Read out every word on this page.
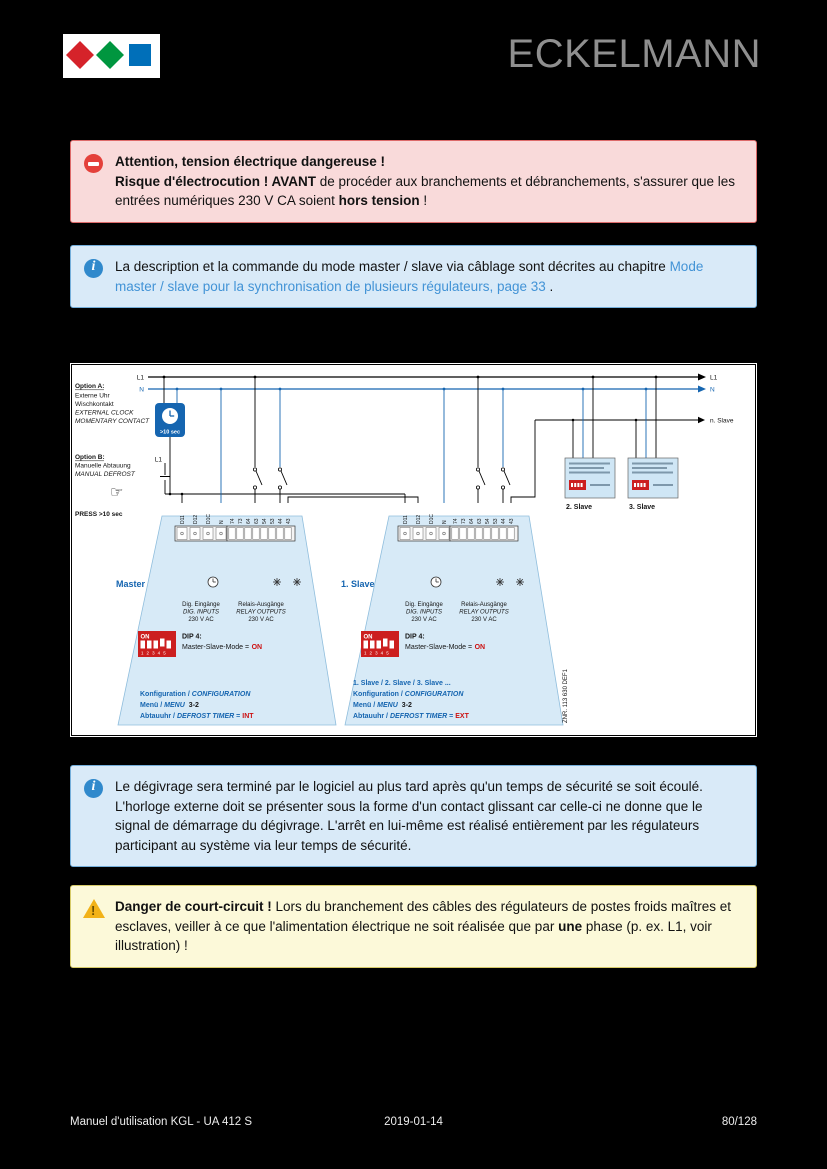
ECKELMANN
Attention, tension électrique dangereuse !
Risque d'électrocution ! AVANT de procéder aux branchements et débranchements, s'assurer que les entrées numériques 230 V CA soient hors tension !
i
La description et la commande du mode master / slave via câblage sont décrites au chapitre Mode master / slave pour la synchronisation de plusieurs régulateurs, page 33 .
L1
N
L1
N
n. Slave
Option A:
Externe Uhr
Wischkontakt
EXTERNAL CLOCK
MOMENTARY CONTACT
>10 sec
Option B:
Manuelle Abtauung
MANUAL DEFROST
L1
☞
PRESS >10 sec
D11 D12 D1C N 74 73 64 63 54 53 44 43
Master
Dig. Eingänge
DIG. INPUTS
230 V AC
Relais-Ausgänge
RELAY OUTPUTS
230 V AC
ON
1 2 3 4 5
DIP 4:
Master-Slave-Mode = ON
Konfiguration / CONFIGURATION
Menü / MENU 3-2
Abtauuhr / DEFROST TIMER = INT
D11 D12 D1C N 74 73 64 63 54 53 44 43
1. Slave
Dig. Eingänge
DIG. INPUTS
230 V AC
Relais-Ausgänge
RELAY OUTPUTS
230 V AC
ON
1 2 3 4 5
DIP 4:
Master-Slave-Mode = ON
1. Slave / 2. Slave / 3. Slave ...
Konfiguration / CONFIGURATION
Menü / MENU 3-2
Abtauuhr / DEFROST TIMER = EXT
2. Slave	3. Slave
ZNR. 113 630 DEF1
i
Le dégivrage sera terminé par le logiciel au plus tard après qu'un temps de sécurité se soit écoulé. L'horloge externe doit se présenter sous la forme d'un contact glissant car celle-ci ne donne que le signal de démarrage du dégivrage. L'arrêt en lui-même est réalisé entièrement par les régulateurs participant au système via leur temps de sécurité.
!
Danger de court-circuit ! Lors du branchement des câbles des régulateurs de postes froids maîtres et esclaves, veiller à ce que l'alimentation électrique ne soit réalisée que par une phase (p. ex. L1, voir illustration) !
Manuel d'utilisation KGL - UA 412 S	2019-01-14	80/128
